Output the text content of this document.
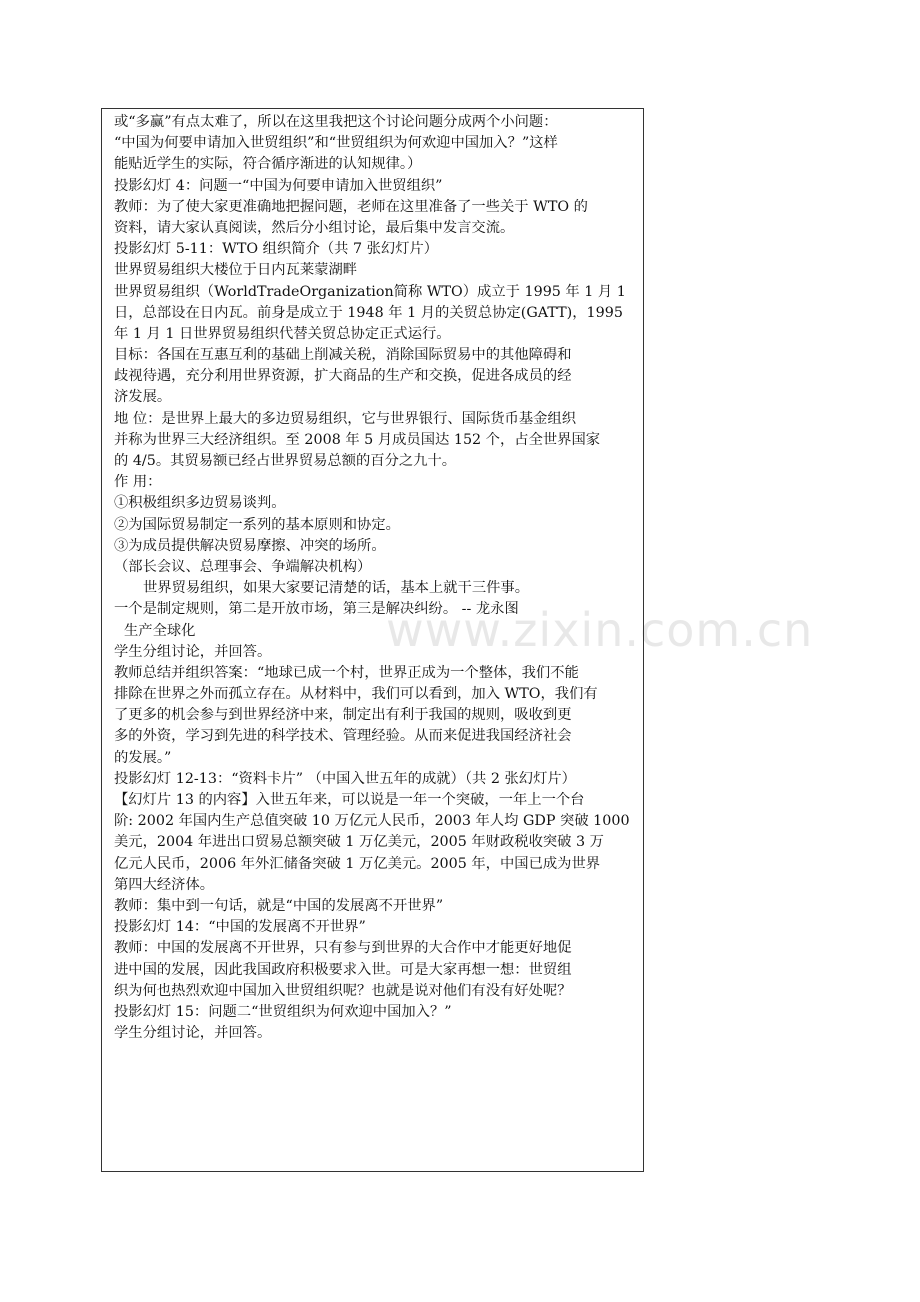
www.zixin.com.cn
或“多赢”有点太难了，所以在这里我把这个讨论问题分成两个小问题：
“中国为何要申请加入世贸组织”和“世贸组织为何欢迎中国加入？”这样
能贴近学生的实际，符合循序渐进的认知规律。）
投影幻灯 4：问题一“中国为何要申请加入世贸组织”
教师：为了使大家更准确地把握问题，老师在这里准备了一些关于 WTO 的
资料，请大家认真阅读，然后分小组讨论，最后集中发言交流。
投影幻灯 5-11：WTO 组织简介（共 7 张幻灯片）
世界贸易组织大楼位于日内瓦莱蒙湖畔
世界贸易组织（WorldTradeOrganization简称 WTO）成立于 1995 年 1 月 1
日，总部设在日内瓦。前身是成立于 1948 年 1 月的关贸总协定(GATT)，1995
年 1 月 1 日世界贸易组织代替关贸总协定正式运行。
目标：各国在互惠互利的基础上削减关税，消除国际贸易中的其他障碍和
歧视待遇，充分利用世界资源，扩大商品的生产和交换，促进各成员的经
济发展。
地 位：是世界上最大的多边贸易组织，它与世界银行、国际货币基金组织
并称为世界三大经济组织。至 2008 年 5 月成员国达 152 个，占全世界国家
的 4/5。其贸易额已经占世界贸易总额的百分之九十。
作 用：
①积极组织多边贸易谈判。
②为国际贸易制定一系列的基本原则和协定。
③为成员提供解决贸易摩擦、冲突的场所。
（部长会议、总理事会、争端解决机构）
世界贸易组织，如果大家要记清楚的话，基本上就干三件事。
一个是制定规则，第二是开放市场，第三是解决纠纷。 -- 龙永图
生产全球化
学生分组讨论，并回答。
教师总结并组织答案：“地球已成一个村，世界正成为一个整体，我们不能
排除在世界之外而孤立存在。从材料中，我们可以看到，加入 WTO，我们有
了更多的机会参与到世界经济中来，制定出有利于我国的规则，吸收到更
多的外资，学习到先进的科学技术、管理经验。从而来促进我国经济社会
的发展。”
投影幻灯 12-13：“资料卡片” （中国入世五年的成就）（共 2 张幻灯片）
【幻灯片 13 的内容】入世五年来，可以说是一年一个突破，一年上一个台
阶: 2002 年国内生产总值突破 10 万亿元人民币，2003 年人均 GDP 突破 1000
美元，2004 年进出口贸易总额突破 1 万亿美元，2005 年财政税收突破 3 万
亿元人民币，2006 年外汇储备突破 1 万亿美元。2005 年，中国已成为世界
第四大经济体。
教师：集中到一句话，就是“中国的发展离不开世界”
投影幻灯 14：“中国的发展离不开世界”
教师：中国的发展离不开世界，只有参与到世界的大合作中才能更好地促
进中国的发展，因此我国政府积极要求入世。可是大家再想一想：世贸组
织为何也热烈欢迎中国加入世贸组织呢？也就是说对他们有没有好处呢？
投影幻灯 15：问题二“世贸组织为何欢迎中国加入？”
学生分组讨论，并回答。
